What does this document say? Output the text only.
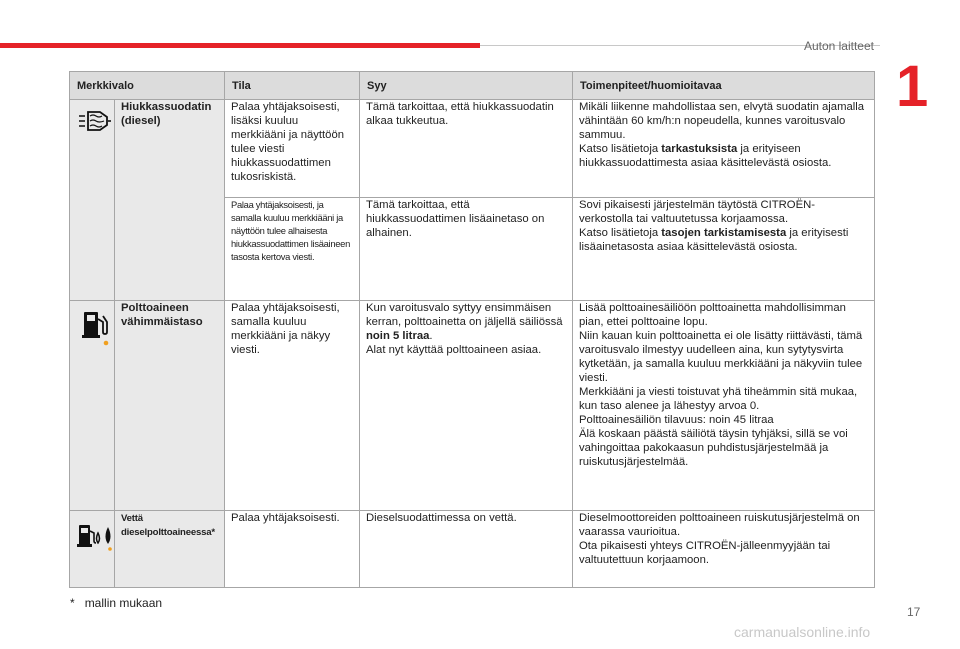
Auton laitteet
1
Merkkivalo		Tila	Syy	Toimenpiteet/huomioitavaa

	Hiukkassuodatin (diesel)	Palaa yhtäjaksoisesti, lisäksi kuuluu merkkiääni ja näyttöön tulee viesti hiukkassuodattimen tukosriskistä.	Tämä tarkoittaa, että hiukkassuodatin alkaa tukkeutua.	Mikäli liikenne mahdollistaa sen, elvytä suodatin ajamalla vähintään 60 km/h:n nopeudella, kunnes varoitusvalo sammuu.
Katso lisätietoja tarkastuksista ja erityiseen hiukkassuodattimesta asiaa käsittelevästä osiosta.

		Palaa yhtäjaksoisesti, ja samalla kuuluu merkkiääni ja näyttöön tulee alhaisesta hiukkassuodattimen lisäaineen tasosta kertova viesti.	Tämä tarkoittaa, että hiukkassuodattimen lisäainetaso on alhainen.	Sovi pikaisesti järjestelmän täytöstä CITROËN-verkostolla tai valtuutetussa korjaamossa.
Katso lisätietoja tasojen tarkistamisesta ja erityisesti lisäainetasosta asiaa käsittelevästä osiosta.

	Polttoaineen vähimmäistaso	Palaa yhtäjaksoisesti, samalla kuuluu merkkiääni ja näkyy viesti.	Kun varoitusvalo syttyy ensimmäisen kerran, polttoainetta on jäljellä säiliössä noin 5 litraa.
Alat nyt käyttää polttoaineen asiaa.	Lisää polttoainesäiliöön polttoainetta mahdollisimman pian, ettei polttoaine lopu.
Niin kauan kuin polttoainetta ei ole lisätty riittävästi, tämä varoitusvalo ilmestyy uudelleen aina, kun sytytysvirta kytketään, ja samalla kuuluu merkkiääni ja näkyviin tulee viesti.
Merkkiääni ja viesti toistuvat yhä tiheämmin sitä mukaa, kun taso alenee ja lähestyy arvoa 0.
Polttoainesäiliön tilavuus: noin 45 litraa
Älä koskaan päästä säiliötä täysin tyhjäksi, sillä se voi vahingoittaa pakokaasun puhdistusjärjestelmää ja ruiskutusjärjestelmää.

	Vettä dieselpolttoaineessa*	Palaa yhtäjaksoisesti.	Dieselsuodattimessa on vettä.	Dieselmoottoreiden polttoaineen ruiskutusjärjestelmä on vaarassa vaurioitua.
Ota pikaisesti yhteys CITROËN-jälleenmyyjään tai valtuutettuun korjaamoon.
* mallin mukaan
17
carmanualsonline.info
